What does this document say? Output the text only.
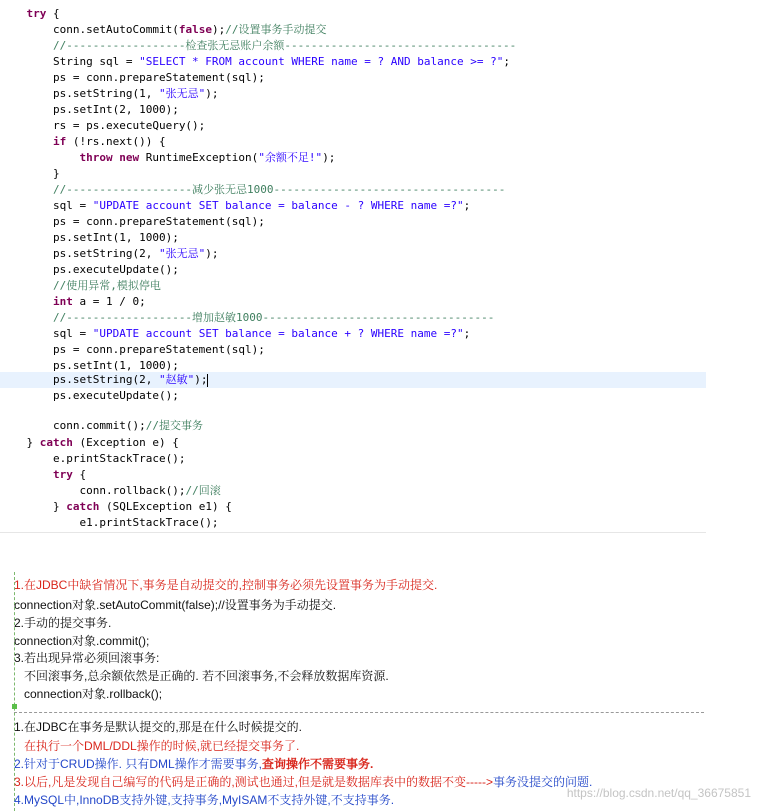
try {
conn.setAutoCommit(false);//设置事务手动提交
//------------------检查张无忌账户余额-----------------------------------
String sql = "SELECT * FROM account WHERE name = ? AND balance >= ?";
ps = conn.prepareStatement(sql);
ps.setString(1, "张无忌");
ps.setInt(2, 1000);
rs = ps.executeQuery();
if (!rs.next()) {
throw new RuntimeException("余额不足!");
}
//-------------------减少张无忌1000-----------------------------------
sql = "UPDATE account SET balance = balance - ? WHERE name =?";
ps = conn.prepareStatement(sql);
ps.setInt(1, 1000);
ps.setString(2, "张无忌");
ps.executeUpdate();
//使用异常,模拟停电
int a = 1 / 0;
//-------------------增加赵敏1000-----------------------------------
sql = "UPDATE account SET balance = balance + ? WHERE name =?";
ps = conn.prepareStatement(sql);
ps.setInt(1, 1000);
ps.setString(2, "赵敏");
ps.executeUpdate();
conn.commit();//提交事务
} catch (Exception e) {
e.printStackTrace();
try {
conn.rollback();//回滚
} catch (SQLException e1) {
e1.printStackTrace();
1.在JDBC中缺省情况下,事务是自动提交的,控制事务必须先设置事务为手动提交.
connection对象.setAutoCommit(false);//设置事务为手动提交.
2.手动的提交事务.
connection对象.commit();
3.若出现异常必须回滚事务:
不回滚事务,总余额依然是正确的. 若不回滚事务,不会释放数据库资源.
connection对象.rollback();
1.在JDBC在事务是默认提交的,那是在什么时候提交的.
在执行一个DML/DDL操作的时候,就已经提交事务了.
2.针对于CRUD操作. 只有DML操作才需要事务,查询操作不需要事务.
3.以后,凡是发现自己编写的代码是正确的,测试也通过,但是就是数据库表中的数据不变----->事务没提交的问题.
4.MySQL中,InnoDB支持外键,支持事务,MyISAM不支持外键,不支持事务.	https://blog.csdn.net/qq_36675851
